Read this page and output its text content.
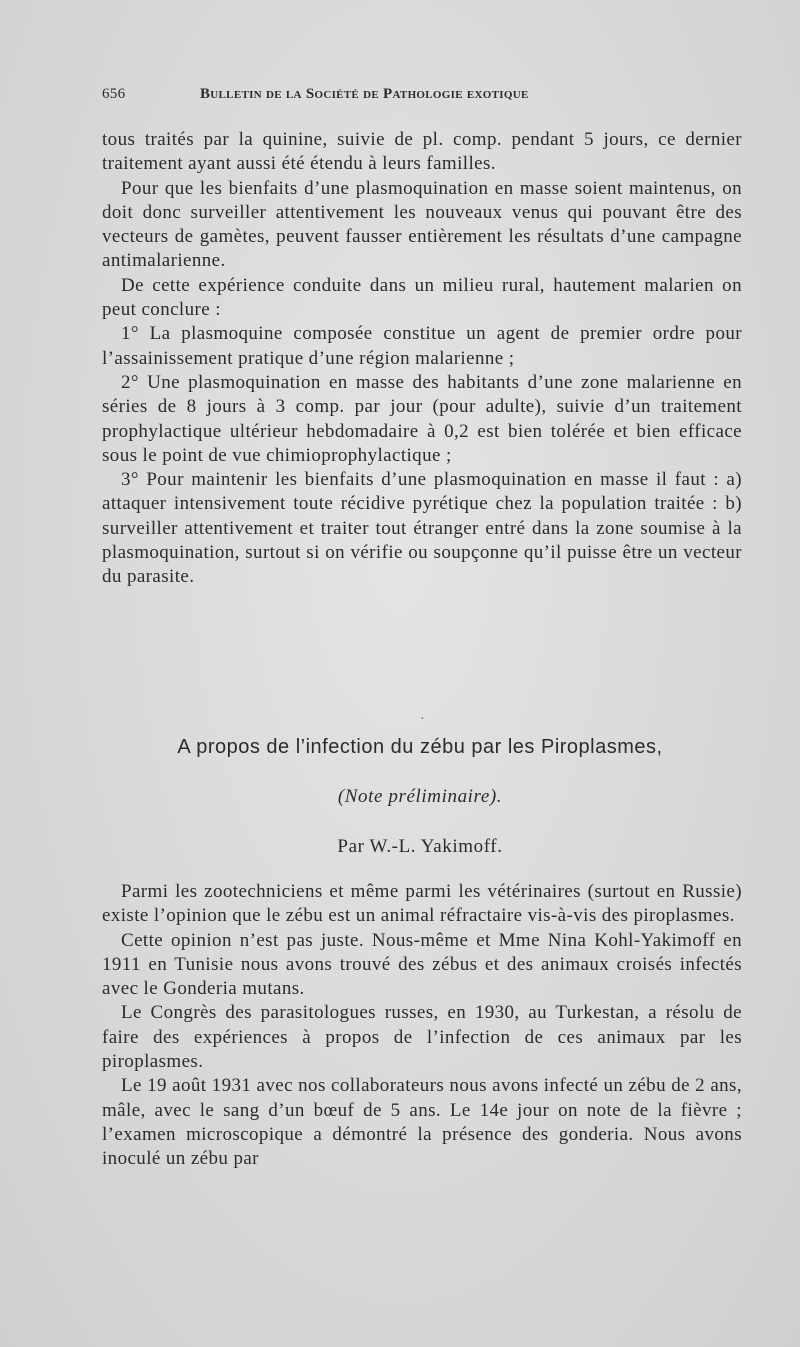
656	Bulletin de la Société de Pathologie exotique

tous traités par la quinine, suivie de pl. comp. pendant 5 jours, ce dernier traitement ayant aussi été étendu à leurs familles.

Pour que les bienfaits d’une plasmoquination en masse soient maintenus, on doit donc surveiller attentivement les nouveaux venus qui pouvant être des vecteurs de gamètes, peuvent fausser entièrement les résultats d’une campagne antimalarienne.

De cette expérience conduite dans un milieu rural, hautement malarien on peut conclure :

1° La plasmoquine composée constitue un agent de premier ordre pour l’assainissement pratique d’une région malarienne ;

2° Une plasmoquination en masse des habitants d’une zone malarienne en séries de 8 jours à 3 comp. par jour (pour adulte), suivie d’un traitement prophylactique ultérieur hebdomadaire à 0,2 est bien tolérée et bien efficace sous le point de vue chimioprophylactique ;

3° Pour maintenir les bienfaits d’une plasmoquination en masse il faut : a) attaquer intensivement toute récidive pyrétique chez la population traitée : b) surveiller attentivement et traiter tout étranger entré dans la zone soumise à la plasmoquination, surtout si on vérifie ou soupçonne qu’il puisse être un vecteur du parasite.

·
A propos de l’infection du zébu par les Piroplasmes,
(Note préliminaire).
Par W.-L. Yakimoff.

Parmi les zootechniciens et même parmi les vétérinaires (surtout en Russie) existe l’opinion que le zébu est un animal réfractaire vis-à-vis des piroplasmes.

Cette opinion n’est pas juste. Nous-même et Mme Nina Kohl-Yakimoff en 1911 en Tunisie nous avons trouvé des zébus et des animaux croisés infectés avec le Gonderia mutans.

Le Congrès des parasitologues russes, en 1930, au Turkestan, a résolu de faire des expériences à propos de l’infection de ces animaux par les piroplasmes.

Le 19 août 1931 avec nos collaborateurs nous avons infecté un zébu de 2 ans, mâle, avec le sang d’un bœuf de 5 ans. Le 14e jour on note de la fièvre ; l’examen microscopique a démontré la présence des gonderia. Nous avons inoculé un zébu par
